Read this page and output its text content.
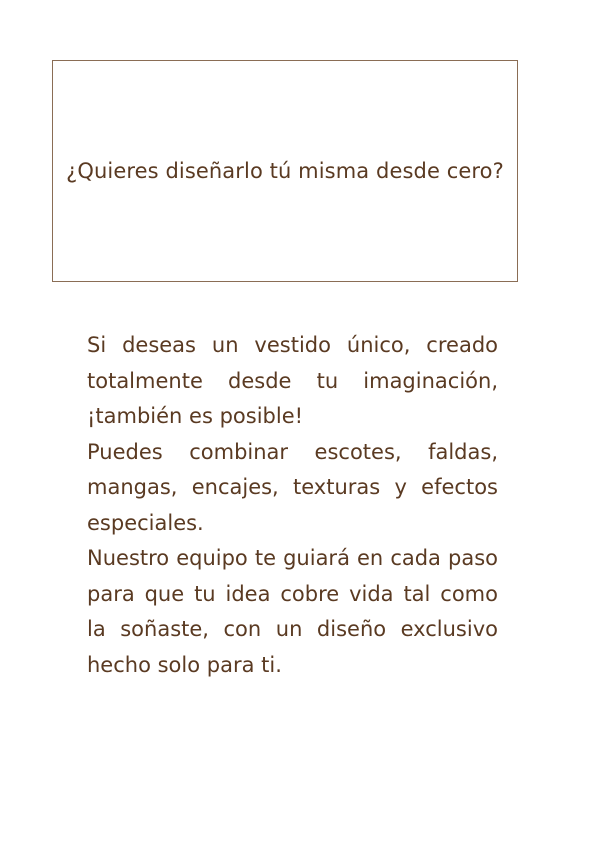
¿Quieres diseñarlo tú misma desde cero?

Si deseas un vestido único, creado totalmente desde tu imaginación, ¡también es posible!

Puedes combinar escotes, faldas, mangas, encajes, texturas y efectos especiales.

Nuestro equipo te guiará en cada paso para que tu idea cobre vida tal como la soñaste, con un diseño exclusivo hecho solo para ti.
